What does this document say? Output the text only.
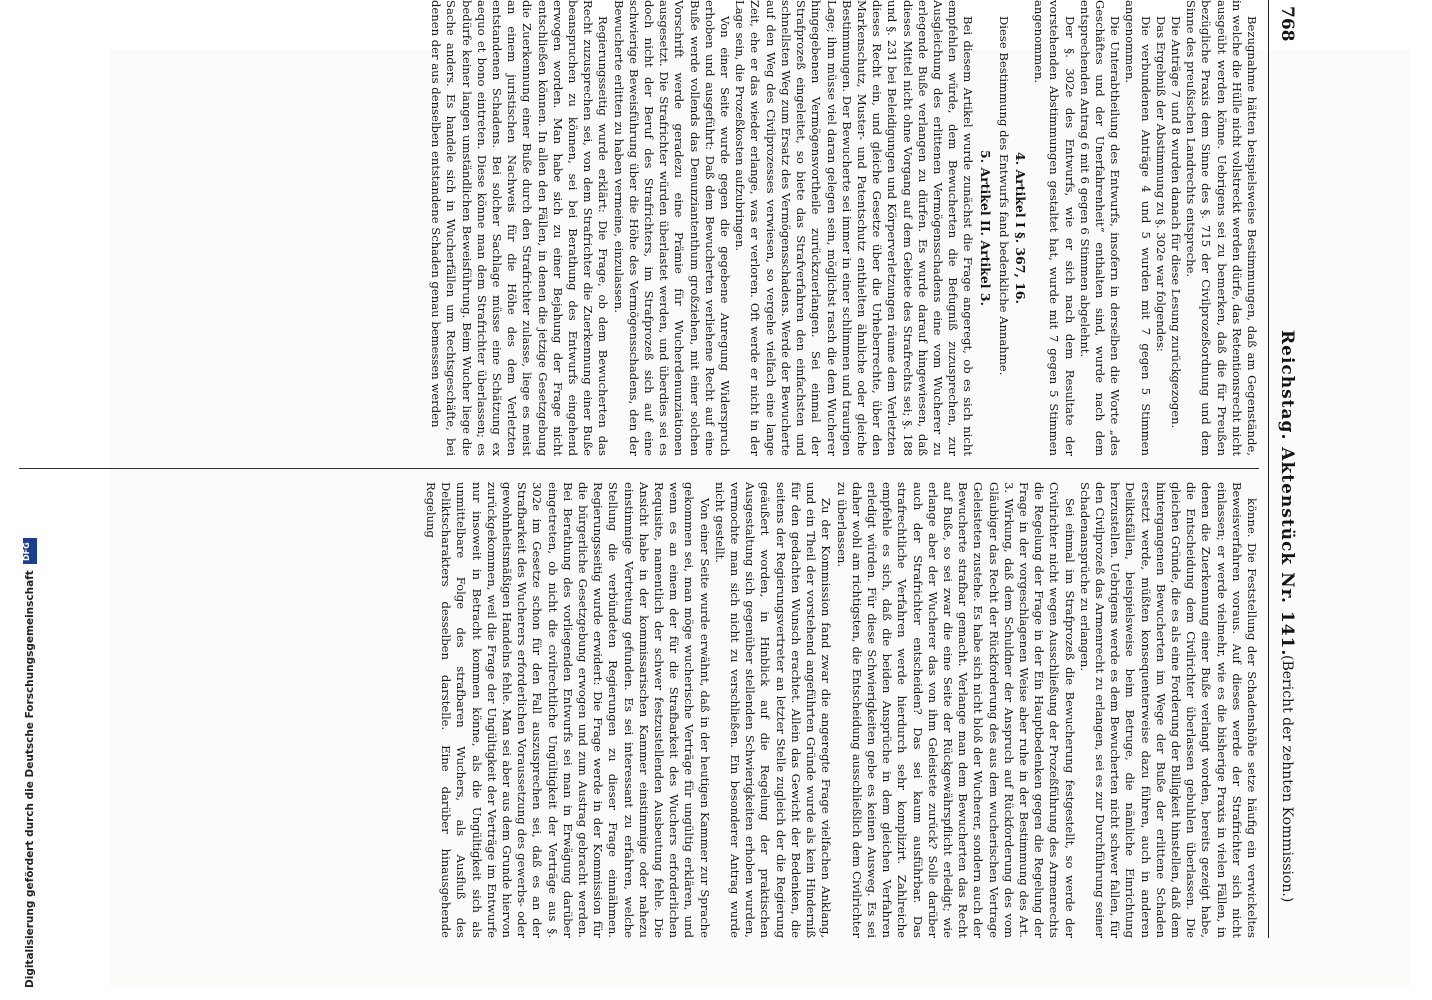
768
Reichstag. Aktenstück Nr. 141.
(Bericht der zehnten Kommission.)

Bezugnahme hätten beispielsweise Bestimmungen, daß am Gegenstände, in welche die Hülle nicht vollstreckt werden dürfe, das Retentionsrecht nicht ausgeübt werden könne. Uebrigens sei zu bemerken, daß die für Preußen bezügliche Praxis dem Sinne des §. 715 der Civilprozeßordnung und dem Sinne des preußischen Landrechts entspreche.

Die Anträge 7 und 8 wurden danach für diese Lesung zurückgezogen.

Das Ergebniß der Abstimmung zu §. 302e war folgendes:

Die verbundenen Anträge 4 und 5 wurden mit 7 gegen 5 Stimmen angenommen.

Die Unterabtheilung des Entwurfs, insofern in derselben die Worte „des Geschäftes und der Unerfahrenheit“ enthalten sind, wurde nach dem entsprechenden Antrag 6 mit 6 gegen 6 Stimmen abgelehnt.

Der §. 302e des Entwurfs, wie er sich nach dem Resultate der vorstehenden Abstimmungen gestaltet hat, wurde mit 7 gegen 5 Stimmen angenommen.

4. Artikel I §. 367, 16.

Diese Bestimmung des Entwurfs fand bedenkliche Annahme.

5. Artikel II. Artikel 3.

Bei diesem Artikel wurde zunächst die Frage angeregt, ob es sich nicht empfehlen würde, dem Bewucherten die Befugniß zuzusprechen, zur Ausgleichung des erlittenen Vermögensschadens eine vom Wucherer zu erlegende Buße verlangen zu dürfen. Es wurde darauf hingewiesen, daß dieses Mittel nicht ohne Vorgang auf dem Gebiete des Strafrechts sei; §. 188 und §. 231 bei Beleidigungen und Körperverletzungen räume dem Verletzten dieses Recht ein, und gleiche Gesetze über die Urheberrechte, über den Markenschutz, Muster- und Patentschutz enthielten ähnliche oder gleiche Bestimmungen. Der Bewucherte sei immer in einer schlimmen und traurigen Lage; ihm müsse viel daran gelegen sein, möglichst rasch die dem Wucherer hingegebenen Vermögensvortheile zurückzuerlangen. Sei einmal der Strafprozeß eingeleitet, so biete das Strafverfahren den einfachsten und schnellsten Weg zum Ersatz des Vermögensschadens. Werde der Bewucherte auf den Weg des Civilprozesses verwiesen, so vergehe vielfach eine lange Zeit, ehe er das wieder erlange, was er verloren. Oft werde er nicht in der Lage sein, die Prozeßkosten aufzubringen.

Von einer Seite wurde gegen die gegebene Anregung Widerspruch erhoben und ausgeführt: Daß dem Bewucherten verliehene Recht auf eine Buße werde vollends das Denunziantenthum großziehen, mit einer solchen Vorschrift werde geradezu eine Prämie für Wucherdenunziationen ausgesetzt. Die Strafrichter würden überlastet werden, und überdies sei es doch nicht der Beruf des Strafrichters, im Strafprozeß sich auf eine schwierige Beweisführung über die Höhe des Vermögensschadens, den der Bewucherte erlitten zu haben vermeine, einzulassen.

Regierungsseitig wurde erklärt: Die Frage, ob dem Bewucherten das Recht zuzusprechen sei, von dem Strafrichter die Zuerkennung einer Buße beanspruchen zu können, sei bei Berathung des Entwurfs eingehend erwogen worden. Man habe sich zu einer Bejahung der Frage nicht entschließen können. In allen den Fällen, in denen die jetzige Gesetzgebung die Zuerkennung einer Buße durch den Strafrichter zulasse, liege es meist an einem juristischen Nachweis für die Höhe des dem Verletzten entstandenen Schadens. Bei solcher Sachlage müsse eine Schätzung ex aequo et bono eintreten. Diese könne man dem Strafrichter überlassen; es bedürfe keiner langen umständlichen Beweisführung. Beim Wucher liege die Sache anders. Es handele sich in Wucherfällen um Rechtsgeschäfte, bei denen der aus denselben entstandene Schaden genau bemessen werden

könne. Die Feststellung der Schadenshöhe setze häufig ein verwickeltes Beweisverfahren voraus. Auf dieses werde der Strafrichter sich nicht einlassen; er werde vielmehr, wie es die bisherige Praxis in vielen Fällen, in denen die Zuerkennung einer Buße verlangt worden, bereits gezeigt habe, die Entscheidung dem Civilrichter überlassen gebuhlen überlassen. Die gleichen Gründe, die es als eine Forderung der Billigkeit hinstellen, daß dem hintergangenen Bewucherten im Wege der Buße der erlittene Schaden ersetzt werde, müßten konsequenterweise dazu führen, auch in anderen Deliktsfällen, beispielsweise beim Betruge, die nämliche Einrichtung herzustellen. Uebrigens werde es dem Bewucherten nicht schwer fallen, für den Civilprozeß das Armenrecht zu erlangen, sei es zur Durchführung seiner Schadenansprüche zu erlangen.

Sei einmal im Strafprozeß die Bewucherung festgestellt, so werde der Civilrichter nicht wegen Ausschließung der Prozeßführung des Armenrechts die Regelung der Frage in der Ein Hauptbedenken gegen die Regelung der Frage in der vorgeschlagenen Weise aber ruhe in der Bestimmung des Art. 3. Wirkung, daß dem Schuldner der Anspruch auf Rückforderung des vom Gläubiger das Recht der Rückforderung des aus dem wucherischen Vertrage Geleisteten zustehe. Es habe sich nicht bloß der Wucherer, sondern auch der Bewucherte strafbar gemacht. Verlange man dem Bewucherten das Recht auf Buße, so sei zwar die eine Seite der Rückgewährspflicht erledigt; wie erlange aber der Wucherer das von ihm Geleistete zurück? Solle darüber auch der Strafrichter entscheiden? Das sei kaum ausführbar. Das strafrechtliche Verfahren werde hierdurch sehr komplizirt. Zahlreiche empfehle es sich, daß die beiden Ansprüche in dem gleichen Verfahren erledigt würden. Für diese Schwierigkeiten gebe es keinen Ausweg. Es sei daher wohl am richtigsten, die Entscheidung ausschließlich dem Civilrichter zu überlassen.

Zu der Kommission fand zwar die angeregte Frage vielfachen Anklang, und ein Theil der vorstehend angeführten Gründe wurde als kein Hinderniß für den gedachten Wunsch erachtet. Allein das Gewicht der Bedenken, die seitens der Regierungsvertreter an letzter Stelle zugleich der die Regierung geäußert worden, in Hinblick auf die Regelung der praktischen Ausgestaltung sich gegenüber stellenden Schwierigkeiten erhoben wurden, vermochte man sich nicht zu verschließen. Ein besonderer Antrag wurde nicht gestellt.

Von einer Seite wurde erwähnt, daß in der heutigen Kammer zur Sprache gekommen sei, man möge wucherische Verträge für ungültig erklären, und wenn es an einem der für die Strafbarkeit des Wuchers erforderlichen Requisite, namentlich der schwer festzustellenden Ausbeutung fehle. Die Ansicht habe in der kommissarischen Kammer einstimmige oder nahezu einstimmige Vertretung gefunden. Es sei interessant zu erfahren, welche Stellung die verbündeten Regierungen zu dieser Frage einnähmen. Regierungsseitig wurde erwidert: Die Frage werde in der Kommission für die bürgerliche Gesetzgebung erwogen und zum Austrag gebracht werden. Bei Berathung des vorliegenden Entwurfs sei man in Erwägung darüber eingetreten, ob nicht die civilrechtliche Ungültigkeit der Verträge aus §. 302e im Gesetze schon für den Fall auszusprechen sei, daß es an der Strafbarkeit des Wucherers erforderlichen Voraussetzung des gewerbs- oder gewohnheitsmäßigen Handelns fehle. Man sei aber aus dem Grunde hiervon zurückgekommen, weil die Frage der Ungültigkeit der Verträge im Entwurfe nur insoweit in Betracht kommen könne, als die Ungültigkeit sich als unmittelbare Folge des strafbaren Wuchers, als Ausfluß des Deliktscharakters desselben darstelle. Eine darüber hinausgehende Regelung

Digitalisierung gefördert durch die Deutsche Forschungsgemeinschaft
DFG
